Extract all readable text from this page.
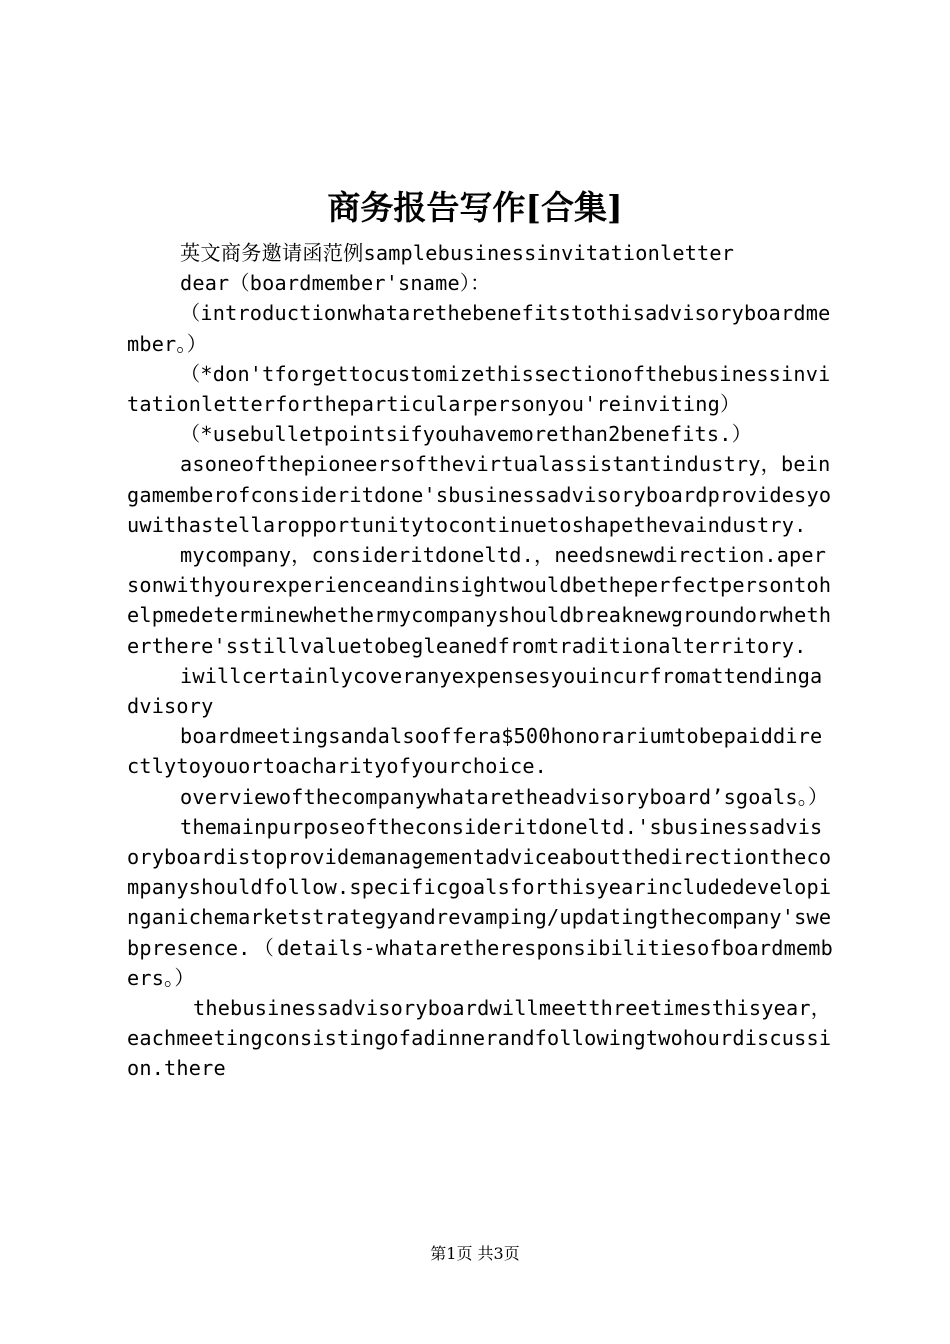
商务报告写作[合集]

英文商务邀请函范例samplebusinessinvitationletter

dear（boardmember'sname）：

（introductionwhatarethebenefitstothisadvisoryboardmember。）

（*don'tforgettocustomizethissectionofthebusinessinvitationletterfortheparticularpersonyou'reinviting）

（*usebulletpointsifyouhavemorethan2benefits.）

asoneofthepioneersofthevirtualassistantindustry，beingamemberofconsideritdone'sbusinessadvisoryboardprovidesyouwithastellaropportunitytocontinuetoshapethevaindustry.

mycompany，consideritdoneltd.，needsnewdirection.apersonwithyourexperienceandinsightwouldbetheperfectpersontohelpmedeterminewhethermycompanyshouldbreaknewgroundorwhetherthere'sstillvaluetobegleanedfromtraditionalterritory.

iwillcertainlycoveranyexpensesyouincurfromattendingadvisory

boardmeetingsandalsooffera$500honorariumtobepaiddirectlytoyouortoacharityofyourchoice.

overviewofthecompanywhataretheadvisoryboard’sgoals。）

themainpurposeoftheconsideritdoneltd.'sbusinessadvisoryboardistoprovidemanagementadviceaboutthedirectionthecompanyshouldfollow.specificgoalsforthisyearincludedevelopinganichemarketstrategyandrevamping/updatingthecompany'swebpresence.（details-whataretheresponsibilitiesofboardmembers。）

thebusinessadvisoryboardwillmeetthreetimesthisyear，eachmeetingconsistingofadinnerandfollowingtwohourdiscussion.there

第1页 共3页
